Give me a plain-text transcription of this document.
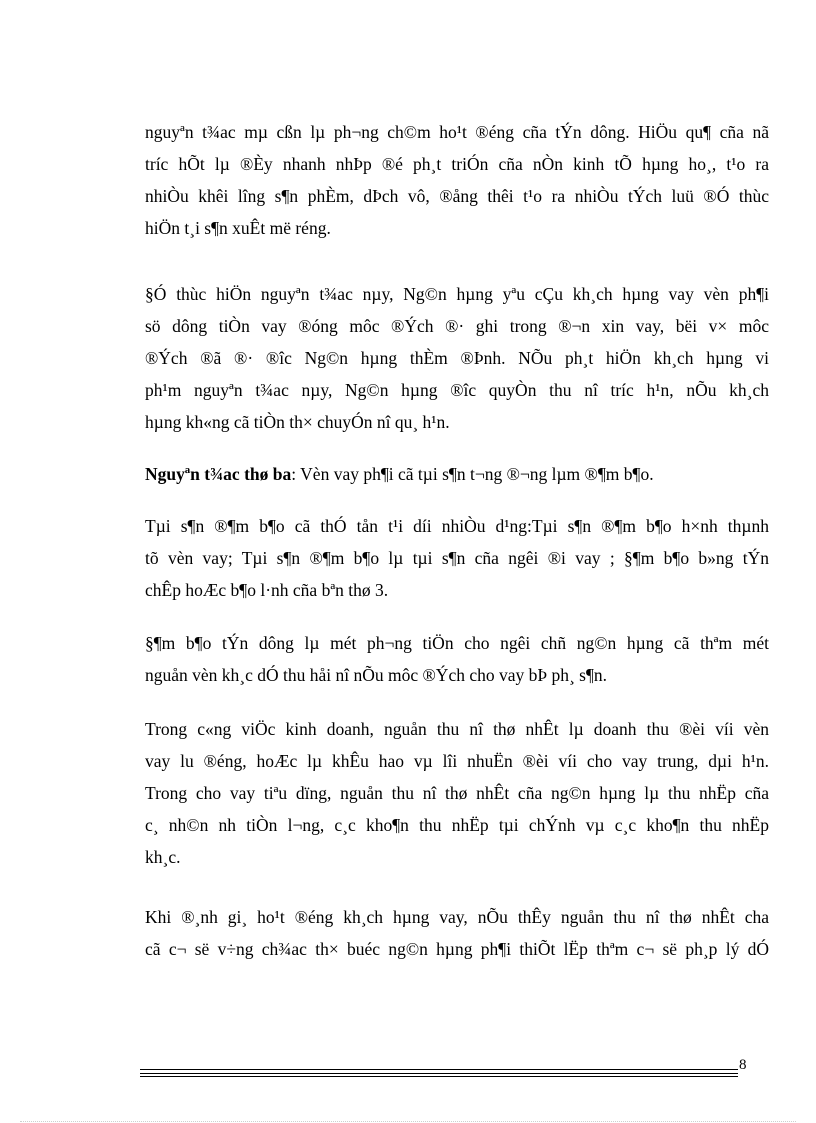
nguyªn t¾ac mµ cßn lµ ph¬ng ch©m ho¹t ®éng cña tÝn dông. HiÖu qu¶ cña nã
tríc hÕt lµ ®Èy nhanh nhÞp ®é ph¸t triÓn cña nÒn kinh tÕ hµng ho¸, t¹o ra
nhiÒu khêi lîng s¶n phÈm, dÞch vô, ®ång thêi t¹o ra nhiÒu tÝch luü ®Ó thùc
hiÖn t¸i s¶n xuÊt më réng.
§Ó thùc hiÖn nguyªn t¾ac nµy, Ng©n hµng yªu cÇu kh¸ch hµng vay vèn ph¶i
sö dông tiÒn vay ®óng môc ®Ých ®· ghi trong ®¬n xin vay, bëi v× môc
®Ých ®ã ®· ®îc Ng©n hµng thÈm ®Þnh. NÕu ph¸t hiÖn kh¸ch hµng vi
ph¹m nguyªn t¾ac nµy, Ng©n hµng ®îc quyÒn thu nî tríc h¹n, nÕu kh¸ch
hµng kh«ng cã tiÒn th× chuyÓn nî qu¸ h¹n.
Nguyªn t¾ac thø ba: Vèn vay ph¶i cã tµi s¶n t¬ng ®¬ng lµm ®¶m b¶o.
Tµi s¶n ®¶m b¶o cã thÓ tån t¹i díi nhiÒu d¹ng:Tµi s¶n ®¶m b¶o h×nh thµnh
tõ vèn vay; Tµi s¶n ®¶m b¶o lµ tµi s¶n cña ngêi ®i vay ; §¶m b¶o b»ng tÝn
chÊp hoÆc b¶o l·nh cña bªn thø 3.
§¶m b¶o tÝn dông lµ mét ph¬ng tiÖn cho ngêi chñ ng©n hµng cã thªm mét
nguån vèn kh¸c dÓ thu håi nî nÕu môc ®Ých cho vay bÞ ph¸ s¶n.
Trong c«ng viÖc kinh doanh, nguån thu nî thø nhÊt lµ doanh thu ®èi víi vèn
vay lu ®éng, hoÆc lµ khÊu hao vµ lîi nhuËn ®èi víi cho vay trung, dµi h¹n.
Trong cho vay tiªu dïng, nguån thu nî thø nhÊt cña ng©n hµng lµ thu nhËp cña
c¸ nh©n nh tiÒn l¬ng, c¸c kho¶n thu nhËp tµi chÝnh vµ c¸c kho¶n thu nhËp
kh¸c.
Khi ®¸nh gi¸ ho¹t ®éng kh¸ch hµng vay, nÕu thÊy nguån thu nî thø nhÊt cha
cã c¬ së v÷ng ch¾ac th× buéc ng©n hµng ph¶i thiÕt lËp thªm c¬ së ph¸p lý dÓ
8
